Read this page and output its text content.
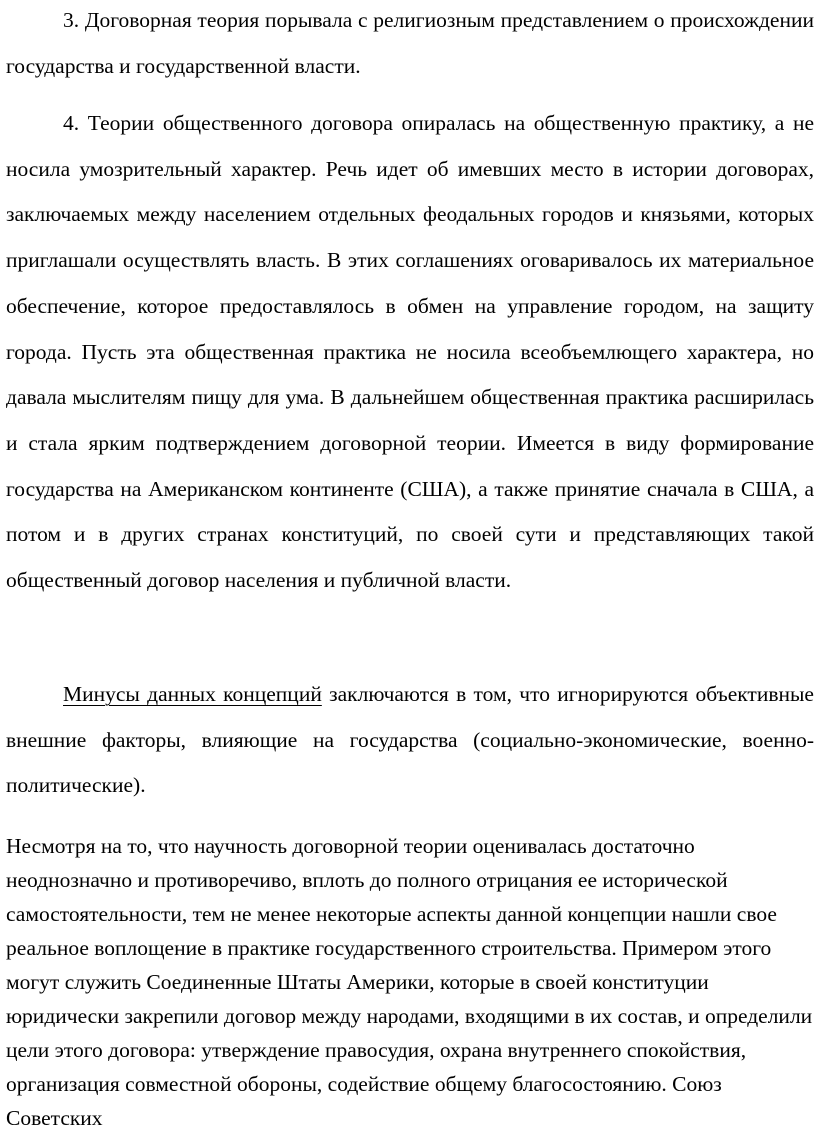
3. Договорная теория порывала с религиозным представлением о происхождении государства и государственной власти.

4. Теории общественного договора опиралась на общественную практику, а не носила умозрительный характер. Речь идет об имевших место в истории договорах, заключаемых между населением отдельных феодальных городов и князьями, которых приглашали осуществлять власть. В этих соглашениях оговаривалось их материальное обеспечение, которое предоставлялось в обмен на управление городом, на защиту города. Пусть эта общественная практика не носила всеобъемлющего характера, но давала мыслителям пищу для ума. В дальнейшем общественная практика расширилась и стала ярким подтверждением договорной теории. Имеется в виду формирование государства на Американском континенте (США), а также принятие сначала в США, а потом и в других странах конституций, по своей сути и представляющих такой общественный договор населения и публичной власти.

Минусы данных концепций заключаются в том, что игнорируются объективные внешние факторы, влияющие на государства (социально-экономические, военно-политические).

Несмотря на то, что научность договорной теории оценивалась достаточно неоднозначно и противоречиво, вплоть до полного отрицания ее исторической самостоятельности, тем не менее некоторые аспекты данной концепции нашли свое реальное воплощение в практике государственного строительства. Примером этого могут служить Соединенные Штаты Америки, которые в своей конституции юридически закрепили договор между народами, входящими в их состав, и определили цели этого договора: утверждение правосудия, охрана внутреннего спокойствия, организация совместной обороны, содействие общему благосостоянию. Союз Советских
